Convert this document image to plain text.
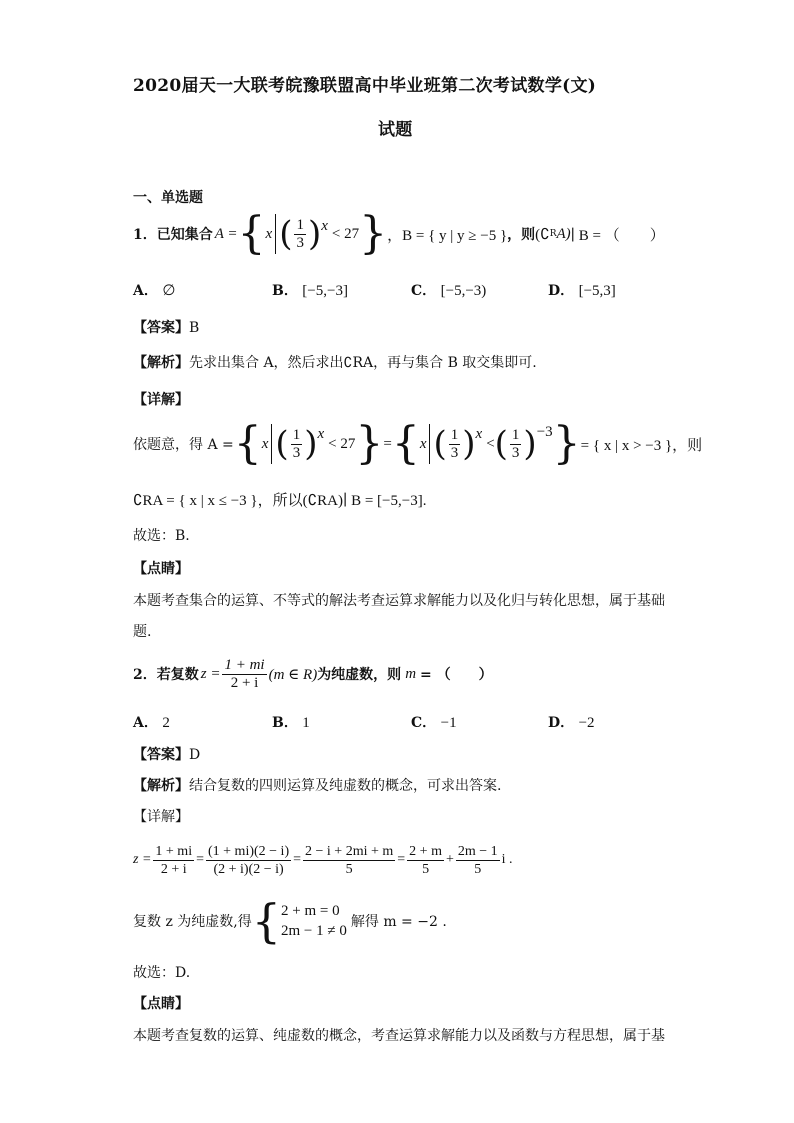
2020届天一大联考皖豫联盟高中毕业班第二次考试数学(文)
试题
一、单选题
1． 已知集合 A = { x ( $\frac{1}{3}$ ) x < 27 } ，B = { y | y ≥ −5 } ，则 (∁ R A) ∣ B = （　　）
A． ∅	B． [−5,−3]	C． [−5,−3)	D． [−5,3]
【答案】B
【解析】先求出集合 A，然后求出∁RA，再与集合 B 取交集即可.
【详解】
依题意，得 A = { x ( $\frac{1}{3}$ ) x
< 27 } = { x ( $\frac{1}{3}$ ) x
< ( $\frac{1}{3}$ ) −3 } = { x | x > −3 }，则
∁RA = { x | x ≤ −3 }，所以(∁RA)∣ B = [−5,−3].
故选：B.
【点睛】
本题考查集合的运算、不等式的解法考查运算求解能力以及化归与转化思想，属于基础
题.
2． 若复数 $z = \frac{1 + mi}{2 + i} (m$ ∈ R) 为纯虚数，则 m = （　　）
A． 2	B． 1	C． −1	D． −2
【答案】D
【解析】结合复数的四则运算及纯虚数的概念，可求出答案.
【详解】
$z = \frac{1 + mi}{2 + i} = \frac{(1 + mi)(2 - i)}{(2 + i)(2 - i)} = \frac{2 - i + 2mi + m}{5} = \frac{2 + m}{5} + \frac{2m - 1}{5}$ i .
复数 z 为纯虚数,得 { 2 + m = 0
2m − 1 ≠ 0
解得 m = −2 .
故选：D.
【点睛】
本题考查复数的运算、纯虚数的概念，考查运算求解能力以及函数与方程思想，属于基
